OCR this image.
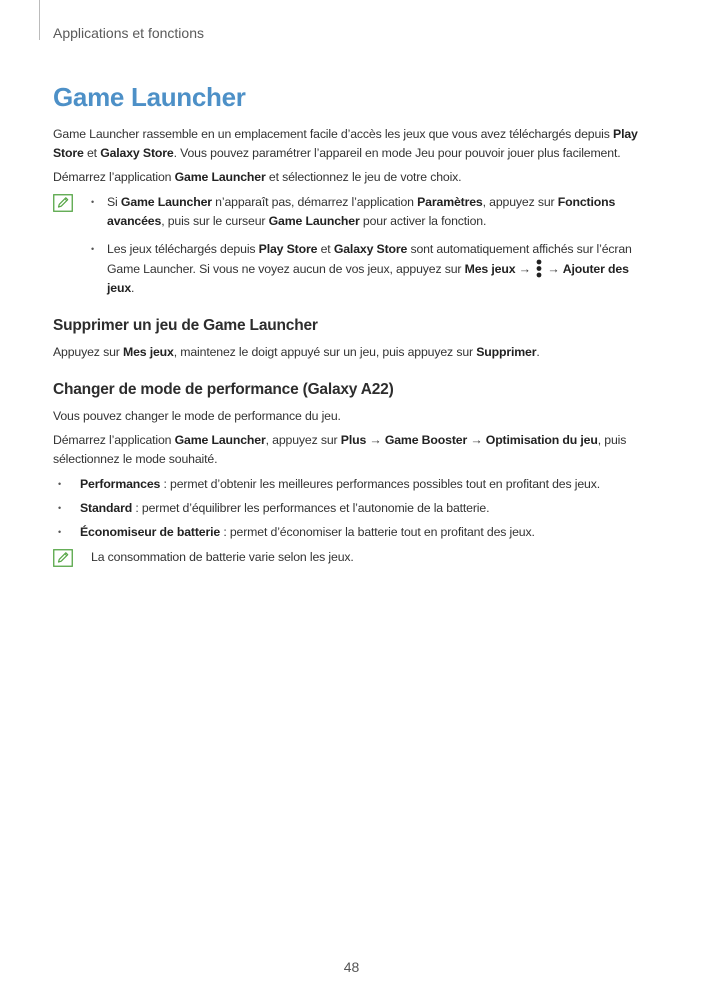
Applications et fonctions
Game Launcher

Game Launcher rassemble en un emplacement facile d’accès les jeux que vous avez téléchargés depuis Play Store et Galaxy Store. Vous pouvez paramétrer l’appareil en mode Jeu pour pouvoir jouer plus facilement.

Démarrez l’application Game Launcher et sélectionnez le jeu de votre choix.

• Si Game Launcher n’apparaît pas, démarrez l’application Paramètres, appuyez sur Fonctions avancées, puis sur le curseur Game Launcher pour activer la fonction.
• Les jeux téléchargés depuis Play Store et Galaxy Store sont automatiquement affichés sur l’écran Game Launcher. Si vous ne voyez aucun de vos jeux, appuyez sur Mes jeux →  → Ajouter des jeux.
Supprimer un jeu de Game Launcher

Appuyez sur Mes jeux, maintenez le doigt appuyé sur un jeu, puis appuyez sur Supprimer.

Changer de mode de performance (Galaxy A22)

Vous pouvez changer le mode de performance du jeu.

Démarrez l’application Game Launcher, appuyez sur Plus → Game Booster → Optimisation du jeu, puis sélectionnez le mode souhaité.

• Performances : permet d’obtenir les meilleures performances possibles tout en profitant des jeux.
• Standard : permet d’équilibrer les performances et l’autonomie de la batterie.
• Économiseur de batterie : permet d’économiser la batterie tout en profitant des jeux.

La consommation de batterie varie selon les jeux.

48
